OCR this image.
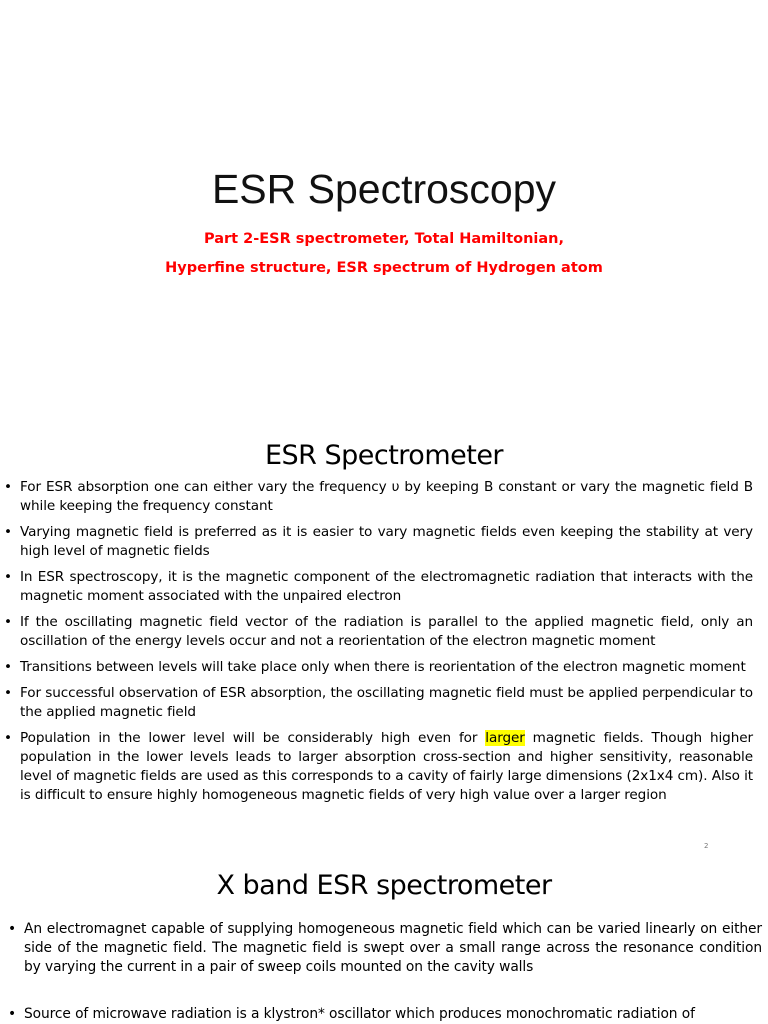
ESR Spectroscopy
Part 2-ESR spectrometer, Total Hamiltonian,
Hyperfine structure, ESR spectrum of Hydrogen atom
ESR Spectrometer
• For ESR absorption one can either vary the frequency υ by keeping B constant or vary the magnetic field B while keeping the frequency constant
• Varying magnetic field is preferred as it is easier to vary magnetic fields even keeping the stability at very high level of magnetic fields
• In ESR spectroscopy, it is the magnetic component of the electromagnetic radiation that interacts with the magnetic moment associated with the unpaired electron
• If the oscillating magnetic field vector of the radiation is parallel to the applied magnetic field, only an oscillation of the energy levels occur and not a reorientation of the electron magnetic moment
• Transitions between levels will take place only when there is reorientation of the electron magnetic moment
• For successful observation of ESR absorption, the oscillating magnetic field must be applied perpendicular to the applied magnetic field
• Population in the lower level will be considerably high even for larger magnetic fields. Though higher population in the lower levels leads to larger absorption cross-section and higher sensitivity, reasonable level of magnetic fields are used as this corresponds to a cavity of fairly large dimensions (2x1x4 cm). Also it is difficult to ensure highly homogeneous magnetic fields of very high value over a larger region
2
X band ESR spectrometer
• An electromagnet capable of supplying homogeneous magnetic field which can be varied linearly on either side of the magnetic field. The magnetic field is swept over a small range across the resonance condition by varying the current in a pair of sweep coils mounted on the cavity walls
• Source of microwave radiation is a klystron* oscillator which produces monochromatic radiation of
